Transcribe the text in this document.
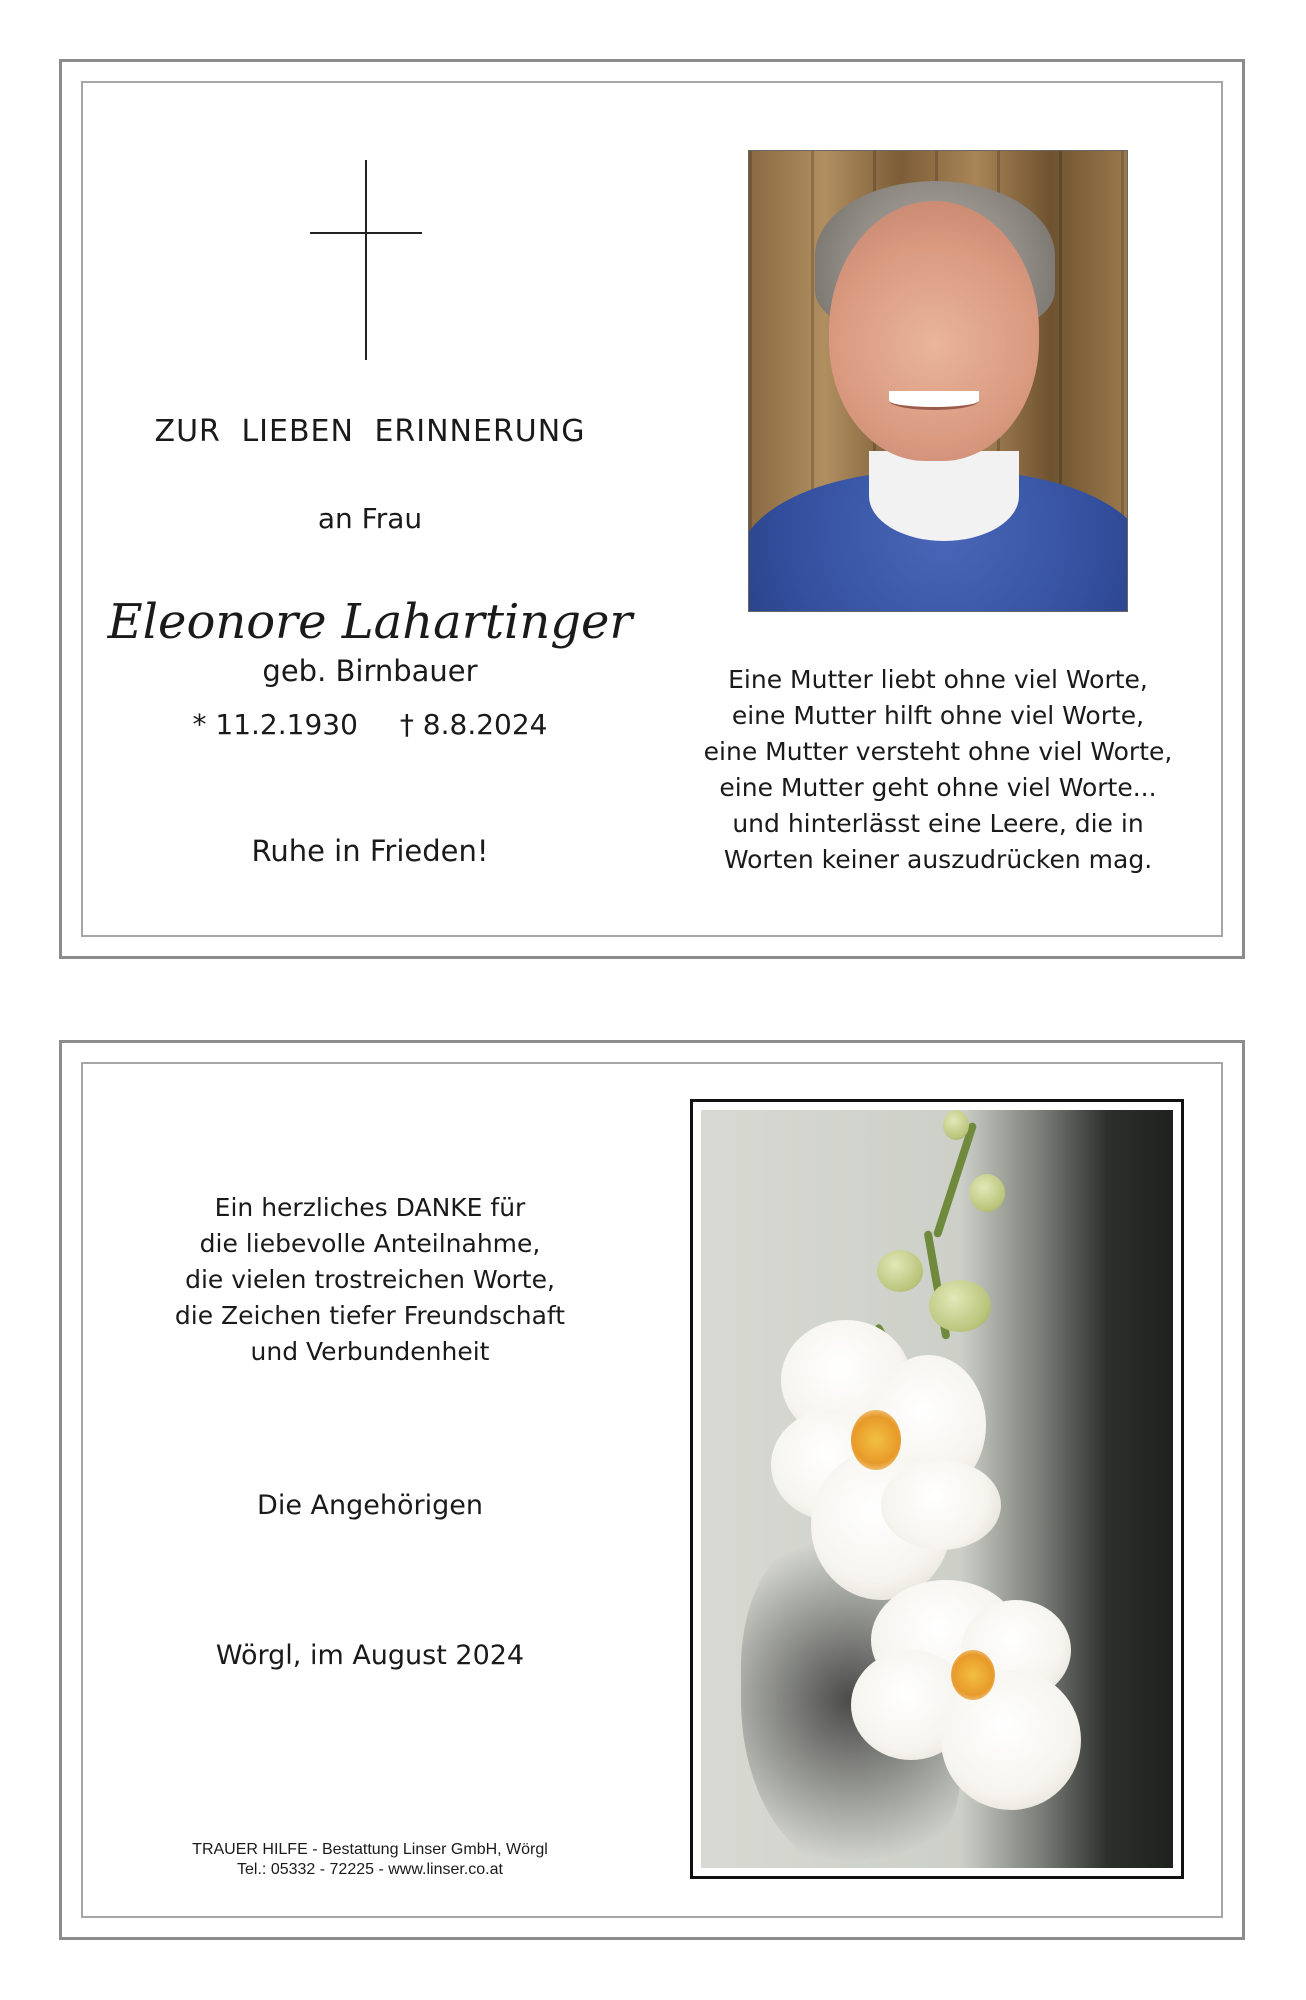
ZUR LIEBEN ERINNERUNG
an Frau
Eleonore Lahartinger
geb. Birnbauer
* 11.2.1930 † 8.8.2024
Ruhe in Frieden!
Eine Mutter liebt ohne viel Worte,
eine Mutter hilft ohne viel Worte,
eine Mutter versteht ohne viel Worte,
eine Mutter geht ohne viel Worte...
und hinterlässt eine Leere, die in
Worten keiner auszudrücken mag.
Ein herzliches DANKE für
die liebevolle Anteilnahme,
die vielen trostreichen Worte,
die Zeichen tiefer Freundschaft
und Verbundenheit
Die Angehörigen
Wörgl, im August 2024
TRAUER HILFE - Bestattung Linser GmbH, Wörgl
Tel.: 05332 - 72225 - www.linser.co.at
